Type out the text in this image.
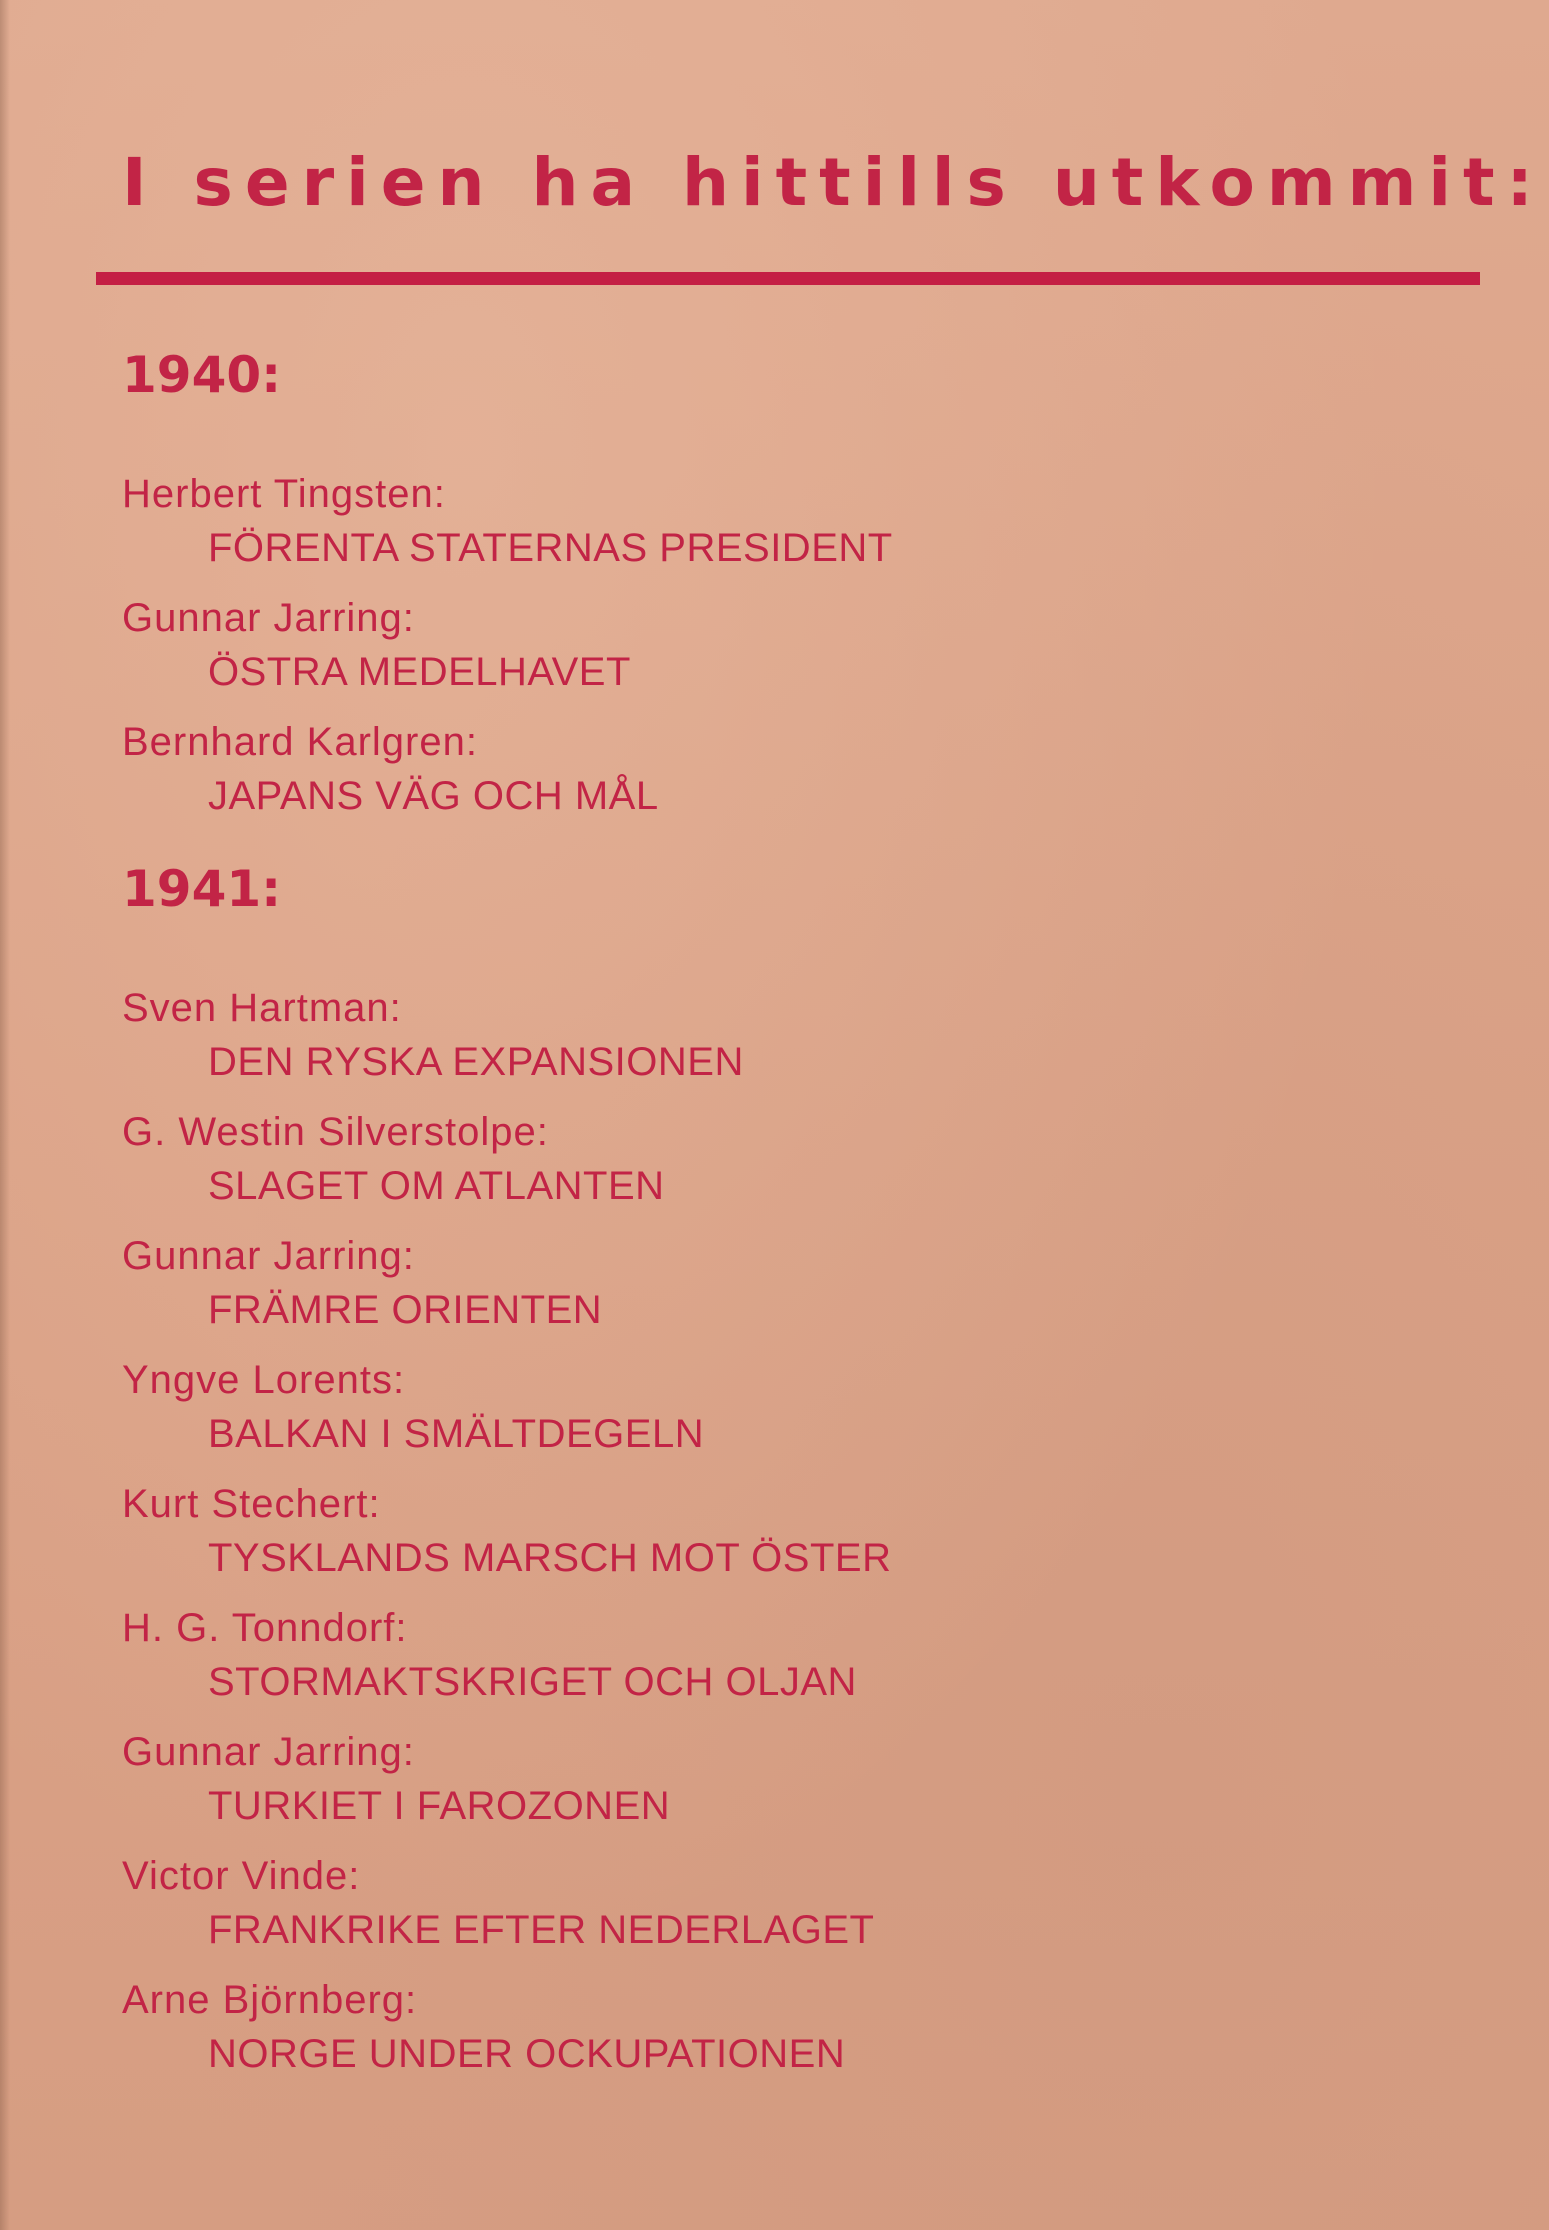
I serien ha hittills utkommit:
1940:
Herbert Tingsten:
FÖRENTA STATERNAS PRESIDENT
Gunnar Jarring:
ÖSTRA MEDELHAVET
Bernhard Karlgren:
JAPANS VÄG OCH MÅL
1941:
Sven Hartman:
DEN RYSKA EXPANSIONEN
G. Westin Silverstolpe:
SLAGET OM ATLANTEN
Gunnar Jarring:
FRÄMRE ORIENTEN
Yngve Lorents:
BALKAN I SMÄLTDEGELN
Kurt Stechert:
TYSKLANDS MARSCH MOT ÖSTER
H. G. Tonndorf:
STORMAKTSKRIGET OCH OLJAN
Gunnar Jarring:
TURKIET I FAROZONEN
Victor Vinde:
FRANKRIKE EFTER NEDERLAGET
Arne Björnberg:
NORGE UNDER OCKUPATIONEN
